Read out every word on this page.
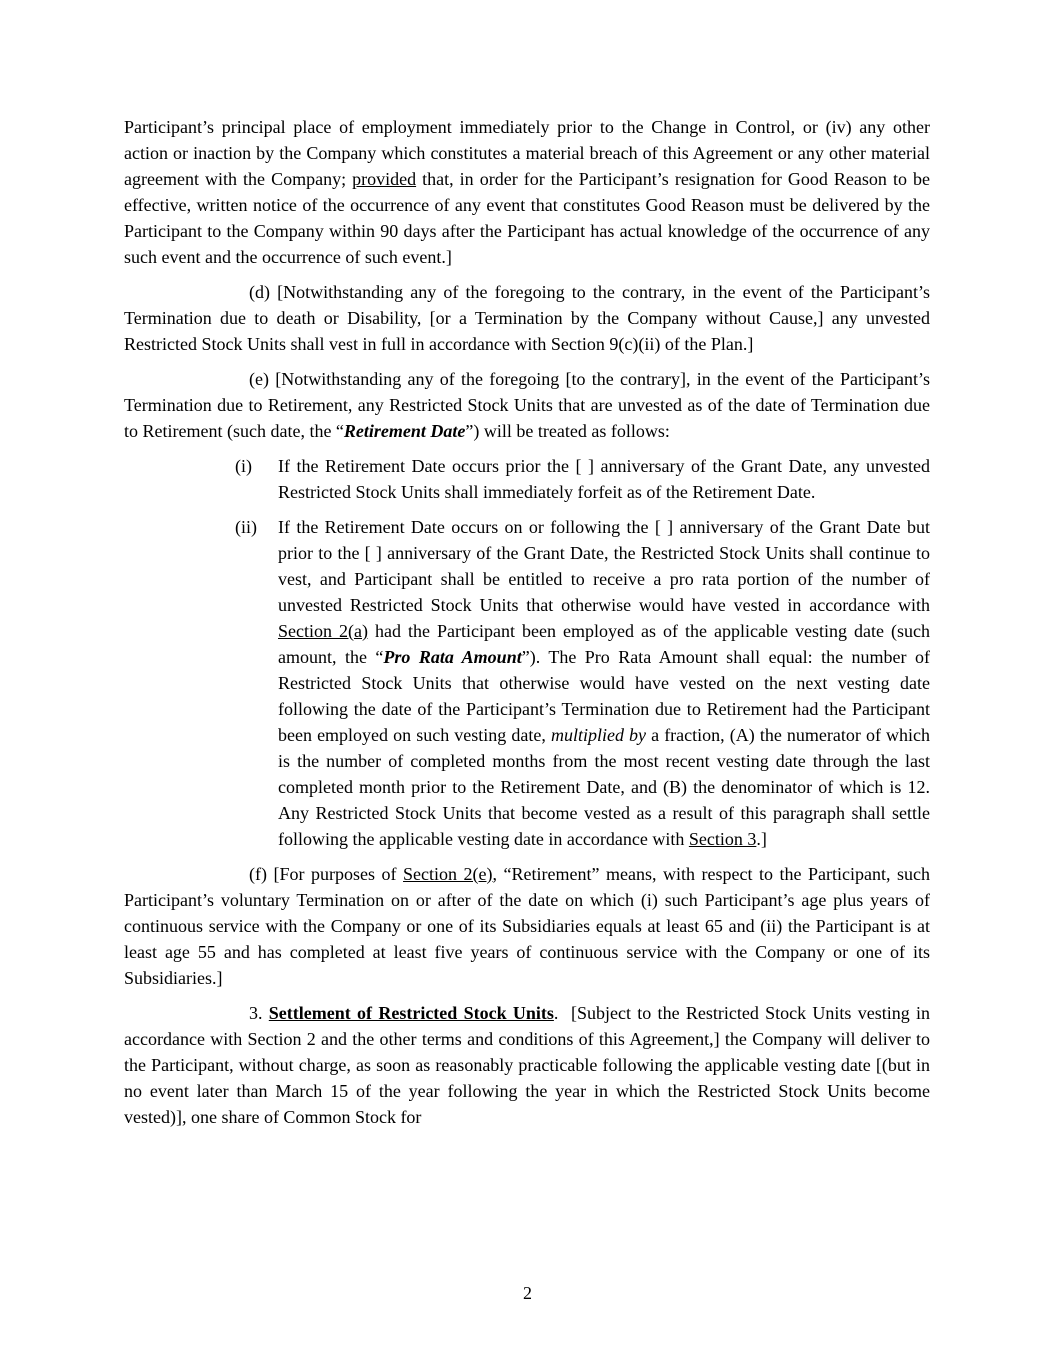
Participant’s principal place of employment immediately prior to the Change in Control, or (iv) any other action or inaction by the Company which constitutes a material breach of this Agreement or any other material agreement with the Company; provided that, in order for the Participant’s resignation for Good Reason to be effective, written notice of the occurrence of any event that constitutes Good Reason must be delivered by the Participant to the Company within 90 days after the Participant has actual knowledge of the occurrence of any such event and the occurrence of such event.]
(d) [Notwithstanding any of the foregoing to the contrary, in the event of the Participant’s Termination due to death or Disability, [or a Termination by the Company without Cause,] any unvested Restricted Stock Units shall vest in full in accordance with Section 9(c)(ii) of the Plan.]
(e) [Notwithstanding any of the foregoing [to the contrary], in the event of the Participant’s Termination due to Retirement, any Restricted Stock Units that are unvested as of the date of Termination due to Retirement (such date, the “Retirement Date”) will be treated as follows:
(i) If the Retirement Date occurs prior the [ ] anniversary of the Grant Date, any unvested Restricted Stock Units shall immediately forfeit as of the Retirement Date.
(ii) If the Retirement Date occurs on or following the [ ] anniversary of the Grant Date but prior to the [ ] anniversary of the Grant Date, the Restricted Stock Units shall continue to vest, and Participant shall be entitled to receive a pro rata portion of the number of unvested Restricted Stock Units that otherwise would have vested in accordance with Section 2(a) had the Participant been employed as of the applicable vesting date (such amount, the “Pro Rata Amount”). The Pro Rata Amount shall equal: the number of Restricted Stock Units that otherwise would have vested on the next vesting date following the date of the Participant’s Termination due to Retirement had the Participant been employed on such vesting date, multiplied by a fraction, (A) the numerator of which is the number of completed months from the most recent vesting date through the last completed month prior to the Retirement Date, and (B) the denominator of which is 12. Any Restricted Stock Units that become vested as a result of this paragraph shall settle following the applicable vesting date in accordance with Section 3.]
(f) [For purposes of Section 2(e), “Retirement” means, with respect to the Participant, such Participant’s voluntary Termination on or after of the date on which (i) such Participant’s age plus years of continuous service with the Company or one of its Subsidiaries equals at least 65 and (ii) the Participant is at least age 55 and has completed at least five years of continuous service with the Company or one of its Subsidiaries.]
3. Settlement of Restricted Stock Units.  [Subject to the Restricted Stock Units vesting in accordance with Section 2 and the other terms and conditions of this Agreement,] the Company will deliver to the Participant, without charge, as soon as reasonably practicable following the applicable vesting date [(but in no event later than March 15 of the year following the year in which the Restricted Stock Units become vested)], one share of Common Stock for
2
